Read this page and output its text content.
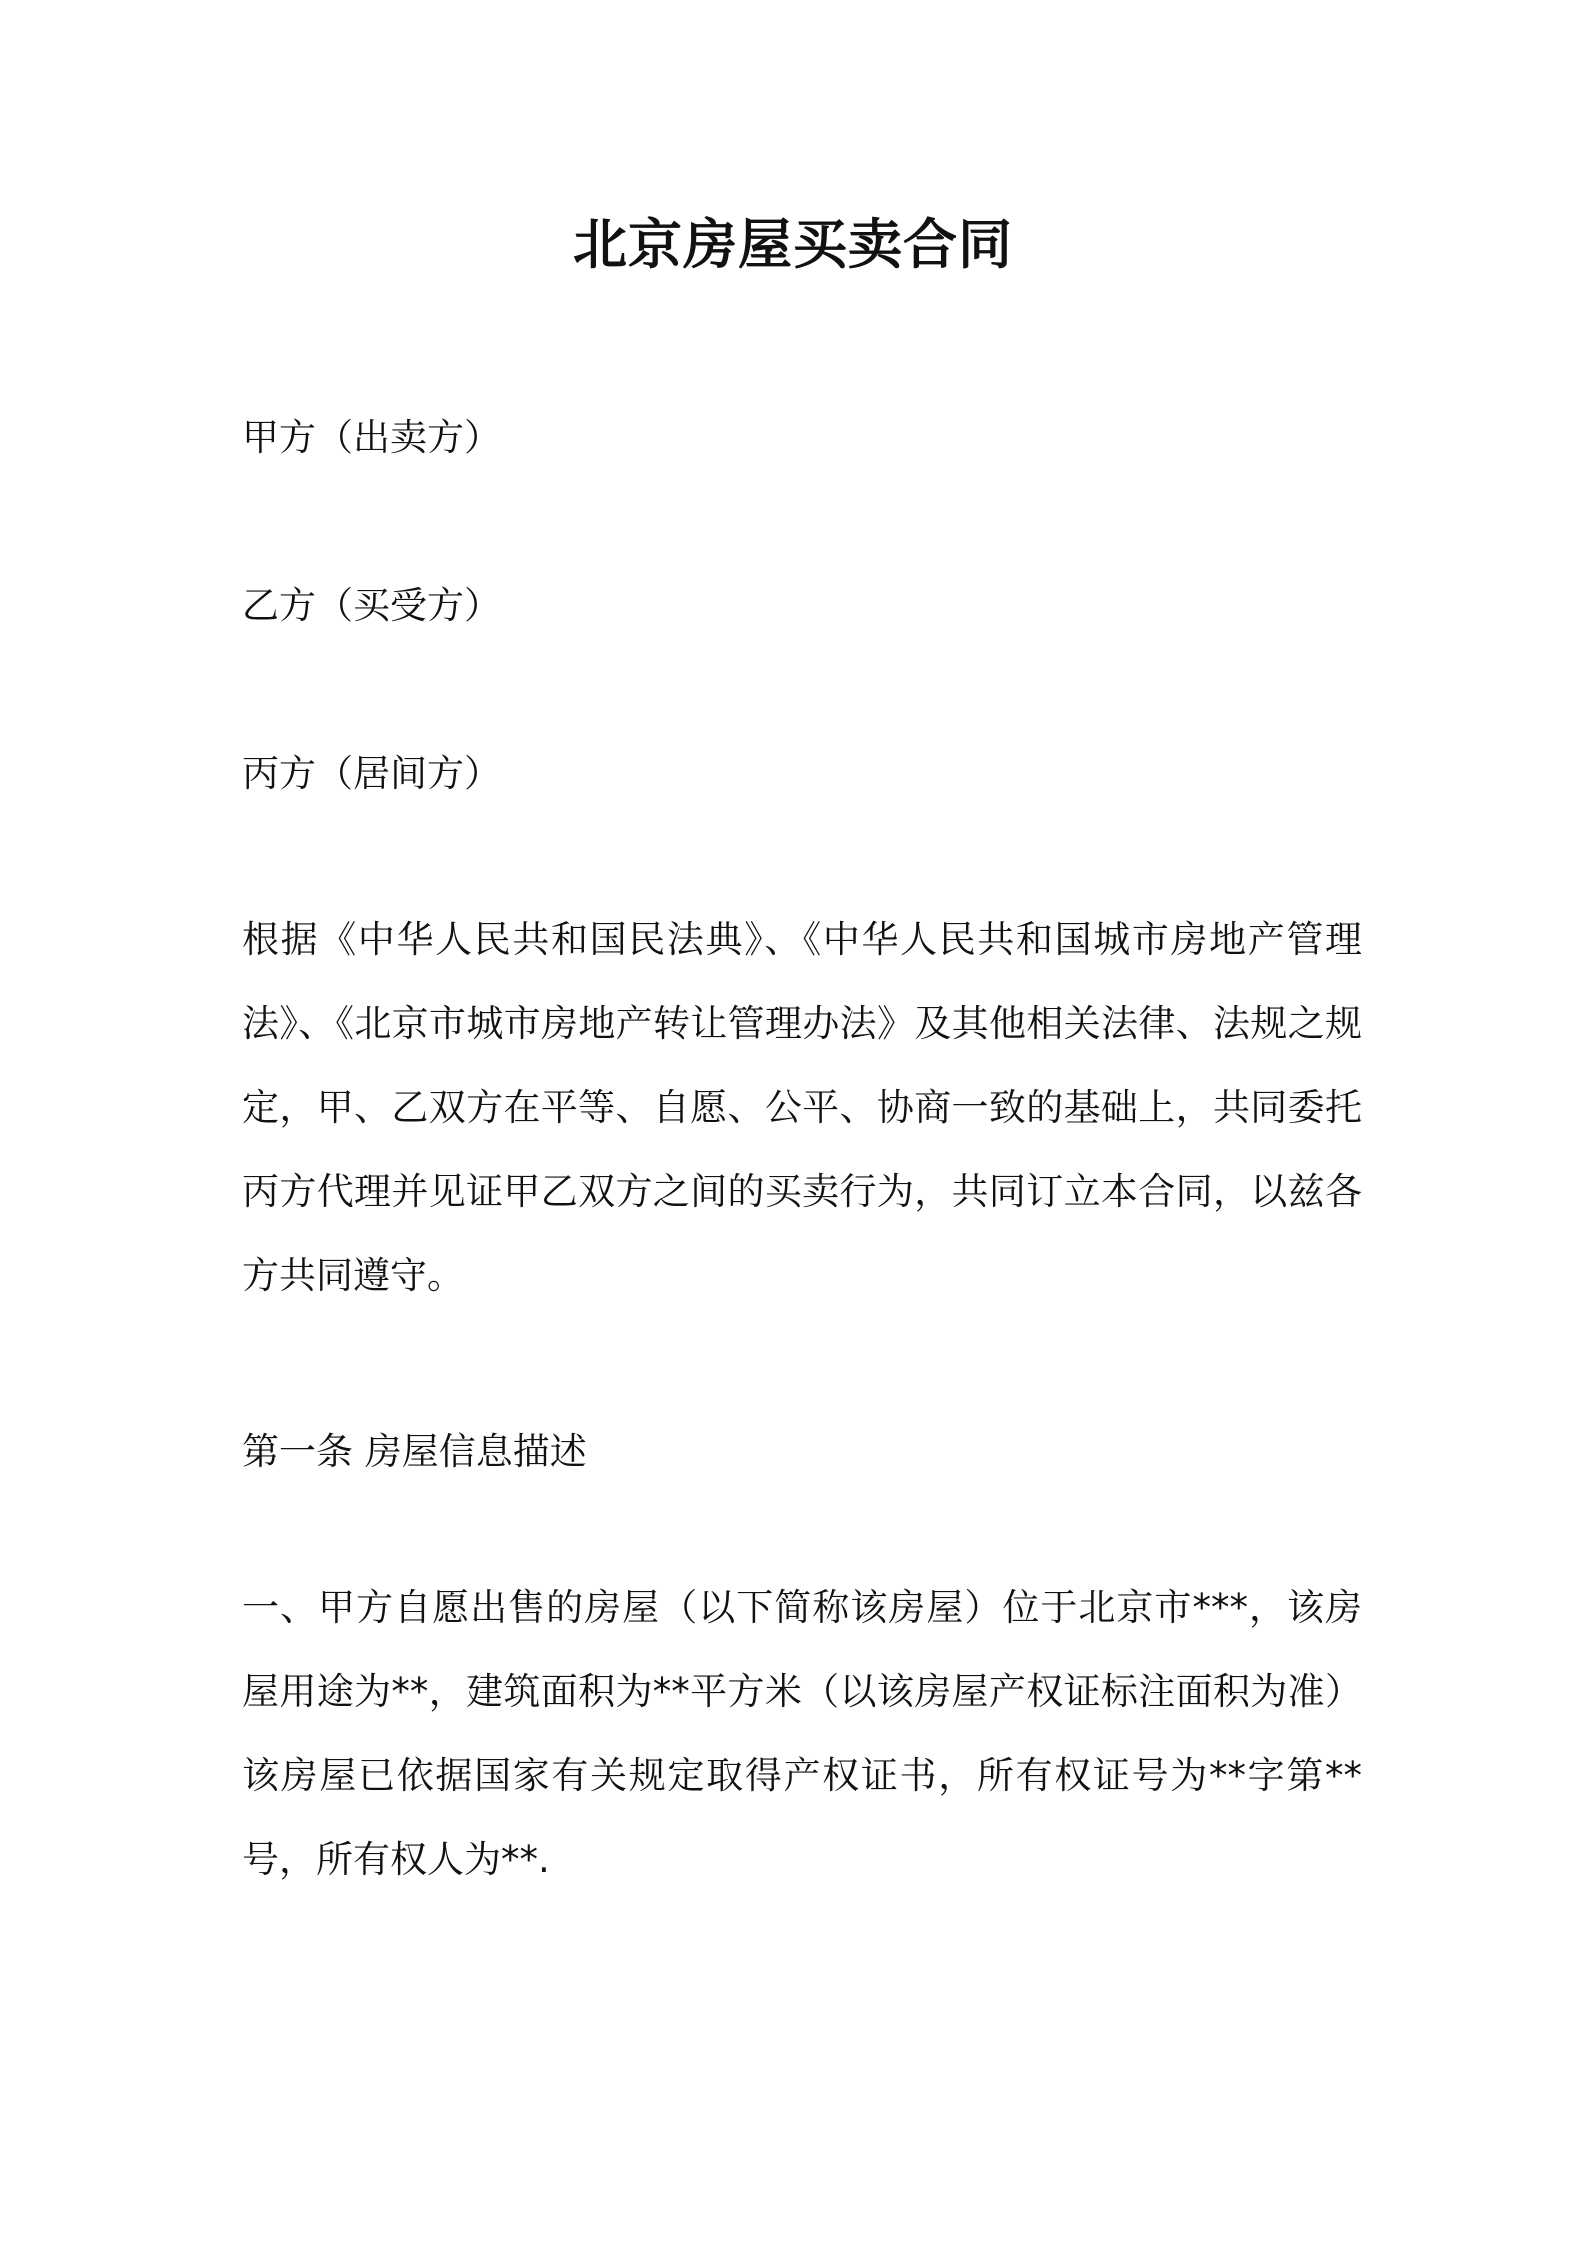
北京房屋买卖合同
甲方（出卖方）
乙方（买受方）
丙方（居间方）
根据《中华人民共和国民法典》、《中华人民共和国城市房地产管理法》、《北京市城市房地产转让管理办法》及其他相关法律、法规之规定，甲、乙双方在平等、自愿、公平、协商一致的基础上，共同委托丙方代理并见证甲乙双方之间的买卖行为，共同订立本合同，以兹各方共同遵守。
第一条 房屋信息描述
一、甲方自愿出售的房屋（以下简称该房屋）位于北京市***，该房屋用途为**，建筑面积为**平方米（以该房屋产权证标注面积为准）该房屋已依据国家有关规定取得产权证书，所有权证号为**字第**号，所有权人为**.
